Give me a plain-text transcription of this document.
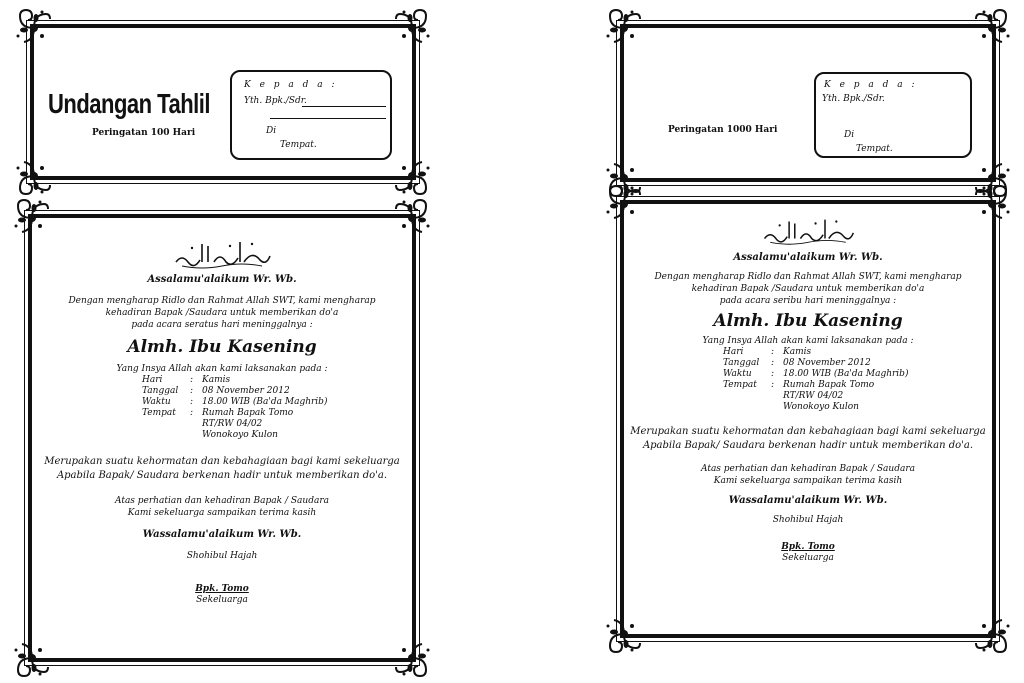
Undangan Tahlil
Peringatan 100 Hari
K e p a d a :
Yth. Bpk./Sdr.
Di
Tempat.
Peringatan 1000 Hari
K e p a d a :
Yth. Bpk./Sdr.
Di
Tempat.

Assalamu'alaikum Wr. Wb.

Dengan mengharap Ridlo dan Rahmat Allah SWT, kami mengharap

kehadiran Bapak /Saudara untuk memberikan do'a

pada acara seratus hari meninggalnya :

Almh. Ibu Kasening

Yang Insya Allah akan kami laksanakan pada :

Hari	: Kamis
Tanggal	: 08 November 2012
Waktu	: 18.00 WIB (Ba'da Maghrib)
Tempat	: Rumah Bapak Tomo
RT/RW 04/02
Wonokoyo Kulon

Merupakan suatu kehormatan dan kebahagiaan bagi kami sekeluarga

Apabila Bapak/ Saudara berkenan hadir untuk memberikan do'a.

Atas perhatian dan kehadiran Bapak / Saudara

Kami sekeluarga sampaikan terima kasih

Wassalamu'alaikum Wr. Wb.

Shohibul Hajah

Bpk. Tomo

Sekeluarga

Assalamu'alaikum Wr. Wb.

Dengan mengharap Ridlo dan Rahmat Allah SWT, kami mengharap

kehadiran Bapak /Saudara untuk memberikan do'a

pada acara seribu hari meninggalnya :

Almh. Ibu Kasening

Yang Insya Allah akan kami laksanakan pada :

Hari	: Kamis
Tanggal	: 08 November 2012
Waktu	: 18.00 WIB (Ba'da Maghrib)
Tempat	: Rumah Bapak Tomo
RT/RW 04/02
Wonokoyo Kulon

Merupakan suatu kehormatan dan kebahagiaan bagi kami sekeluarga

Apabila Bapak/ Saudara berkenan hadir untuk memberikan do'a.

Atas perhatian dan kehadiran Bapak / Saudara

Kami sekeluarga sampaikan terima kasih

Wassalamu'alaikum Wr. Wb.

Shohibul Hajah

Bpk. Tomo

Sekeluarga
